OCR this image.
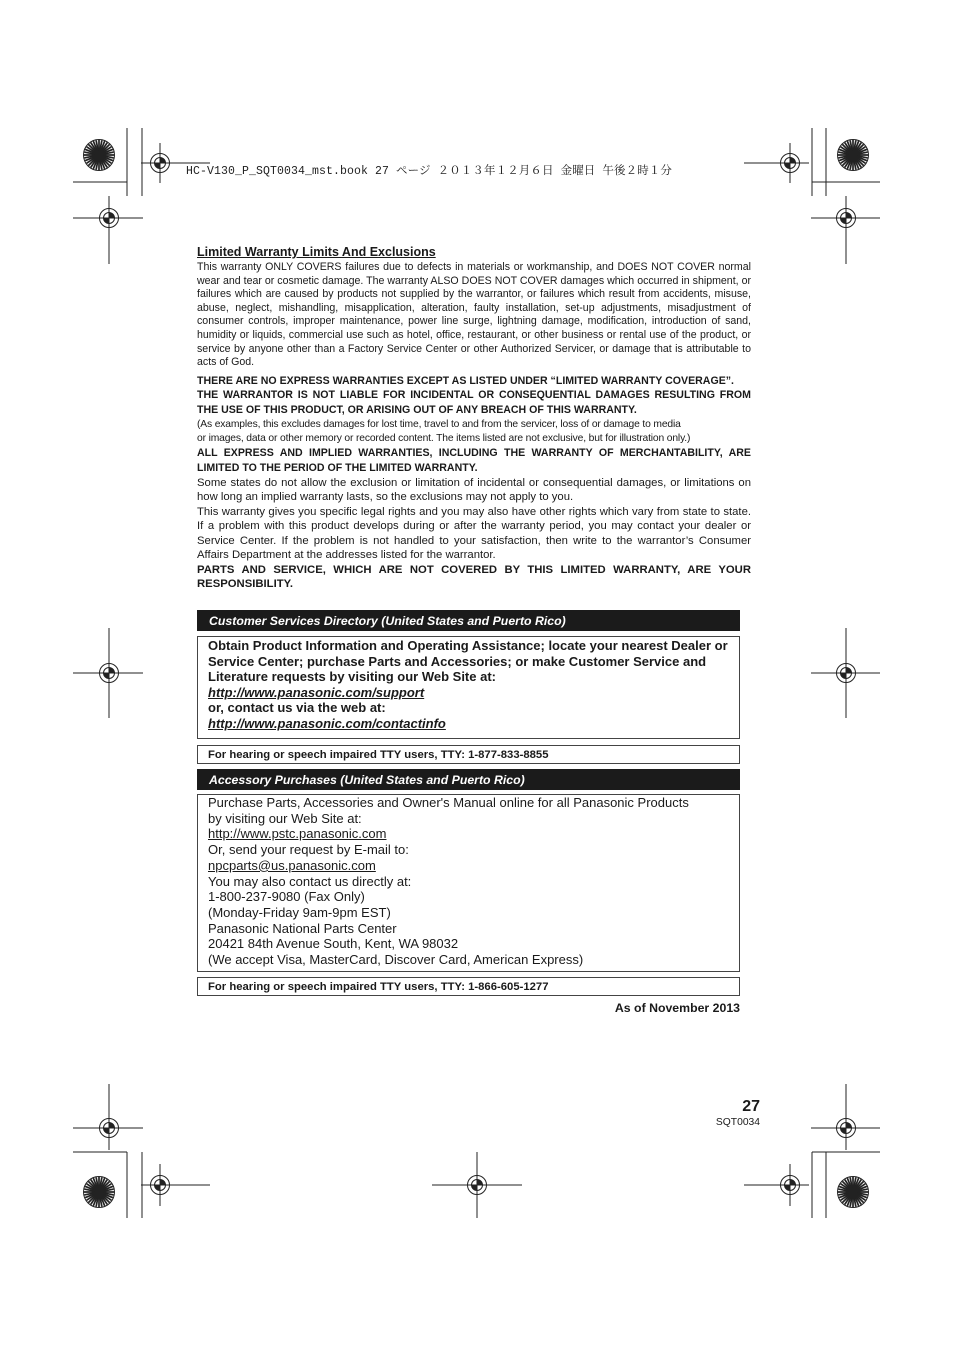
HC-V130_P_SQT0034_mst.book 27 ページ ２０１３年１２月６日 金曜日 午後２時１分
Limited Warranty Limits And Exclusions

This warranty ONLY COVERS failures due to defects in materials or workmanship, and DOES NOT COVER normal wear and tear or cosmetic damage. The warranty ALSO DOES NOT COVER damages which occurred in shipment, or failures which are caused by products not supplied by the warrantor, or failures which result from accidents, misuse, abuse, neglect, mishandling, misapplication, alteration, faulty installation, set-up adjustments, misadjustment of consumer controls, improper maintenance, power line surge, lightning damage, modification, introduction of sand, humidity or liquids, commercial use such as hotel, office, restaurant, or other business or rental use of the product, or service by anyone other than a Factory Service Center or other Authorized Servicer, or damage that is attributable to acts of God.

THERE ARE NO EXPRESS WARRANTIES EXCEPT AS LISTED UNDER “LIMITED WARRANTY COVERAGE”.

THE WARRANTOR IS NOT LIABLE FOR INCIDENTAL OR CONSEQUENTIAL DAMAGES RESULTING FROM THE USE OF THIS PRODUCT, OR ARISING OUT OF ANY BREACH OF THIS WARRANTY.

(As examples, this excludes damages for lost time, travel to and from the servicer, loss of or damage to media

or images, data or other memory or recorded content. The items listed are not exclusive, but for illustration only.)

ALL EXPRESS AND IMPLIED WARRANTIES, INCLUDING THE WARRANTY OF MERCHANTABILITY, ARE LIMITED TO THE PERIOD OF THE LIMITED WARRANTY.

Some states do not allow the exclusion or limitation of incidental or consequential damages, or limitations on how long an implied warranty lasts, so the exclusions may not apply to you.

This warranty gives you specific legal rights and you may also have other rights which vary from state to state. If a problem with this product develops during or after the warranty period, you may contact your dealer or Service Center. If the problem is not handled to your satisfaction, then write to the warrantor’s Consumer Affairs Department at the addresses listed for the warrantor.

PARTS AND SERVICE, WHICH ARE NOT COVERED BY THIS LIMITED WARRANTY, ARE YOUR RESPONSIBILITY.

Customer Services Directory (United States and Puerto Rico)

Obtain Product Information and Operating Assistance; locate your nearest Dealer or Service Center; purchase Parts and Accessories; or make Customer Service and Literature requests by visiting our Web Site at:

http://www.panasonic.com/support

or, contact us via the web at:

http://www.panasonic.com/contactinfo

For hearing or speech impaired TTY users, TTY: 1-877-833-8855
Accessory Purchases (United States and Puerto Rico)

Purchase Parts, Accessories and Owner's Manual online for all Panasonic Products

by visiting our Web Site at:

http://www.pstc.panasonic.com

Or, send your request by E-mail to:

npcparts@us.panasonic.com

You may also contact us directly at:

1-800-237-9080 (Fax Only)

(Monday-Friday 9am-9pm EST)

Panasonic National Parts Center

20421 84th Avenue South, Kent, WA 98032

(We accept Visa, MasterCard, Discover Card, American Express)

For hearing or speech impaired TTY users, TTY: 1-866-605-1277
As of November 2013
27
SQT0034
